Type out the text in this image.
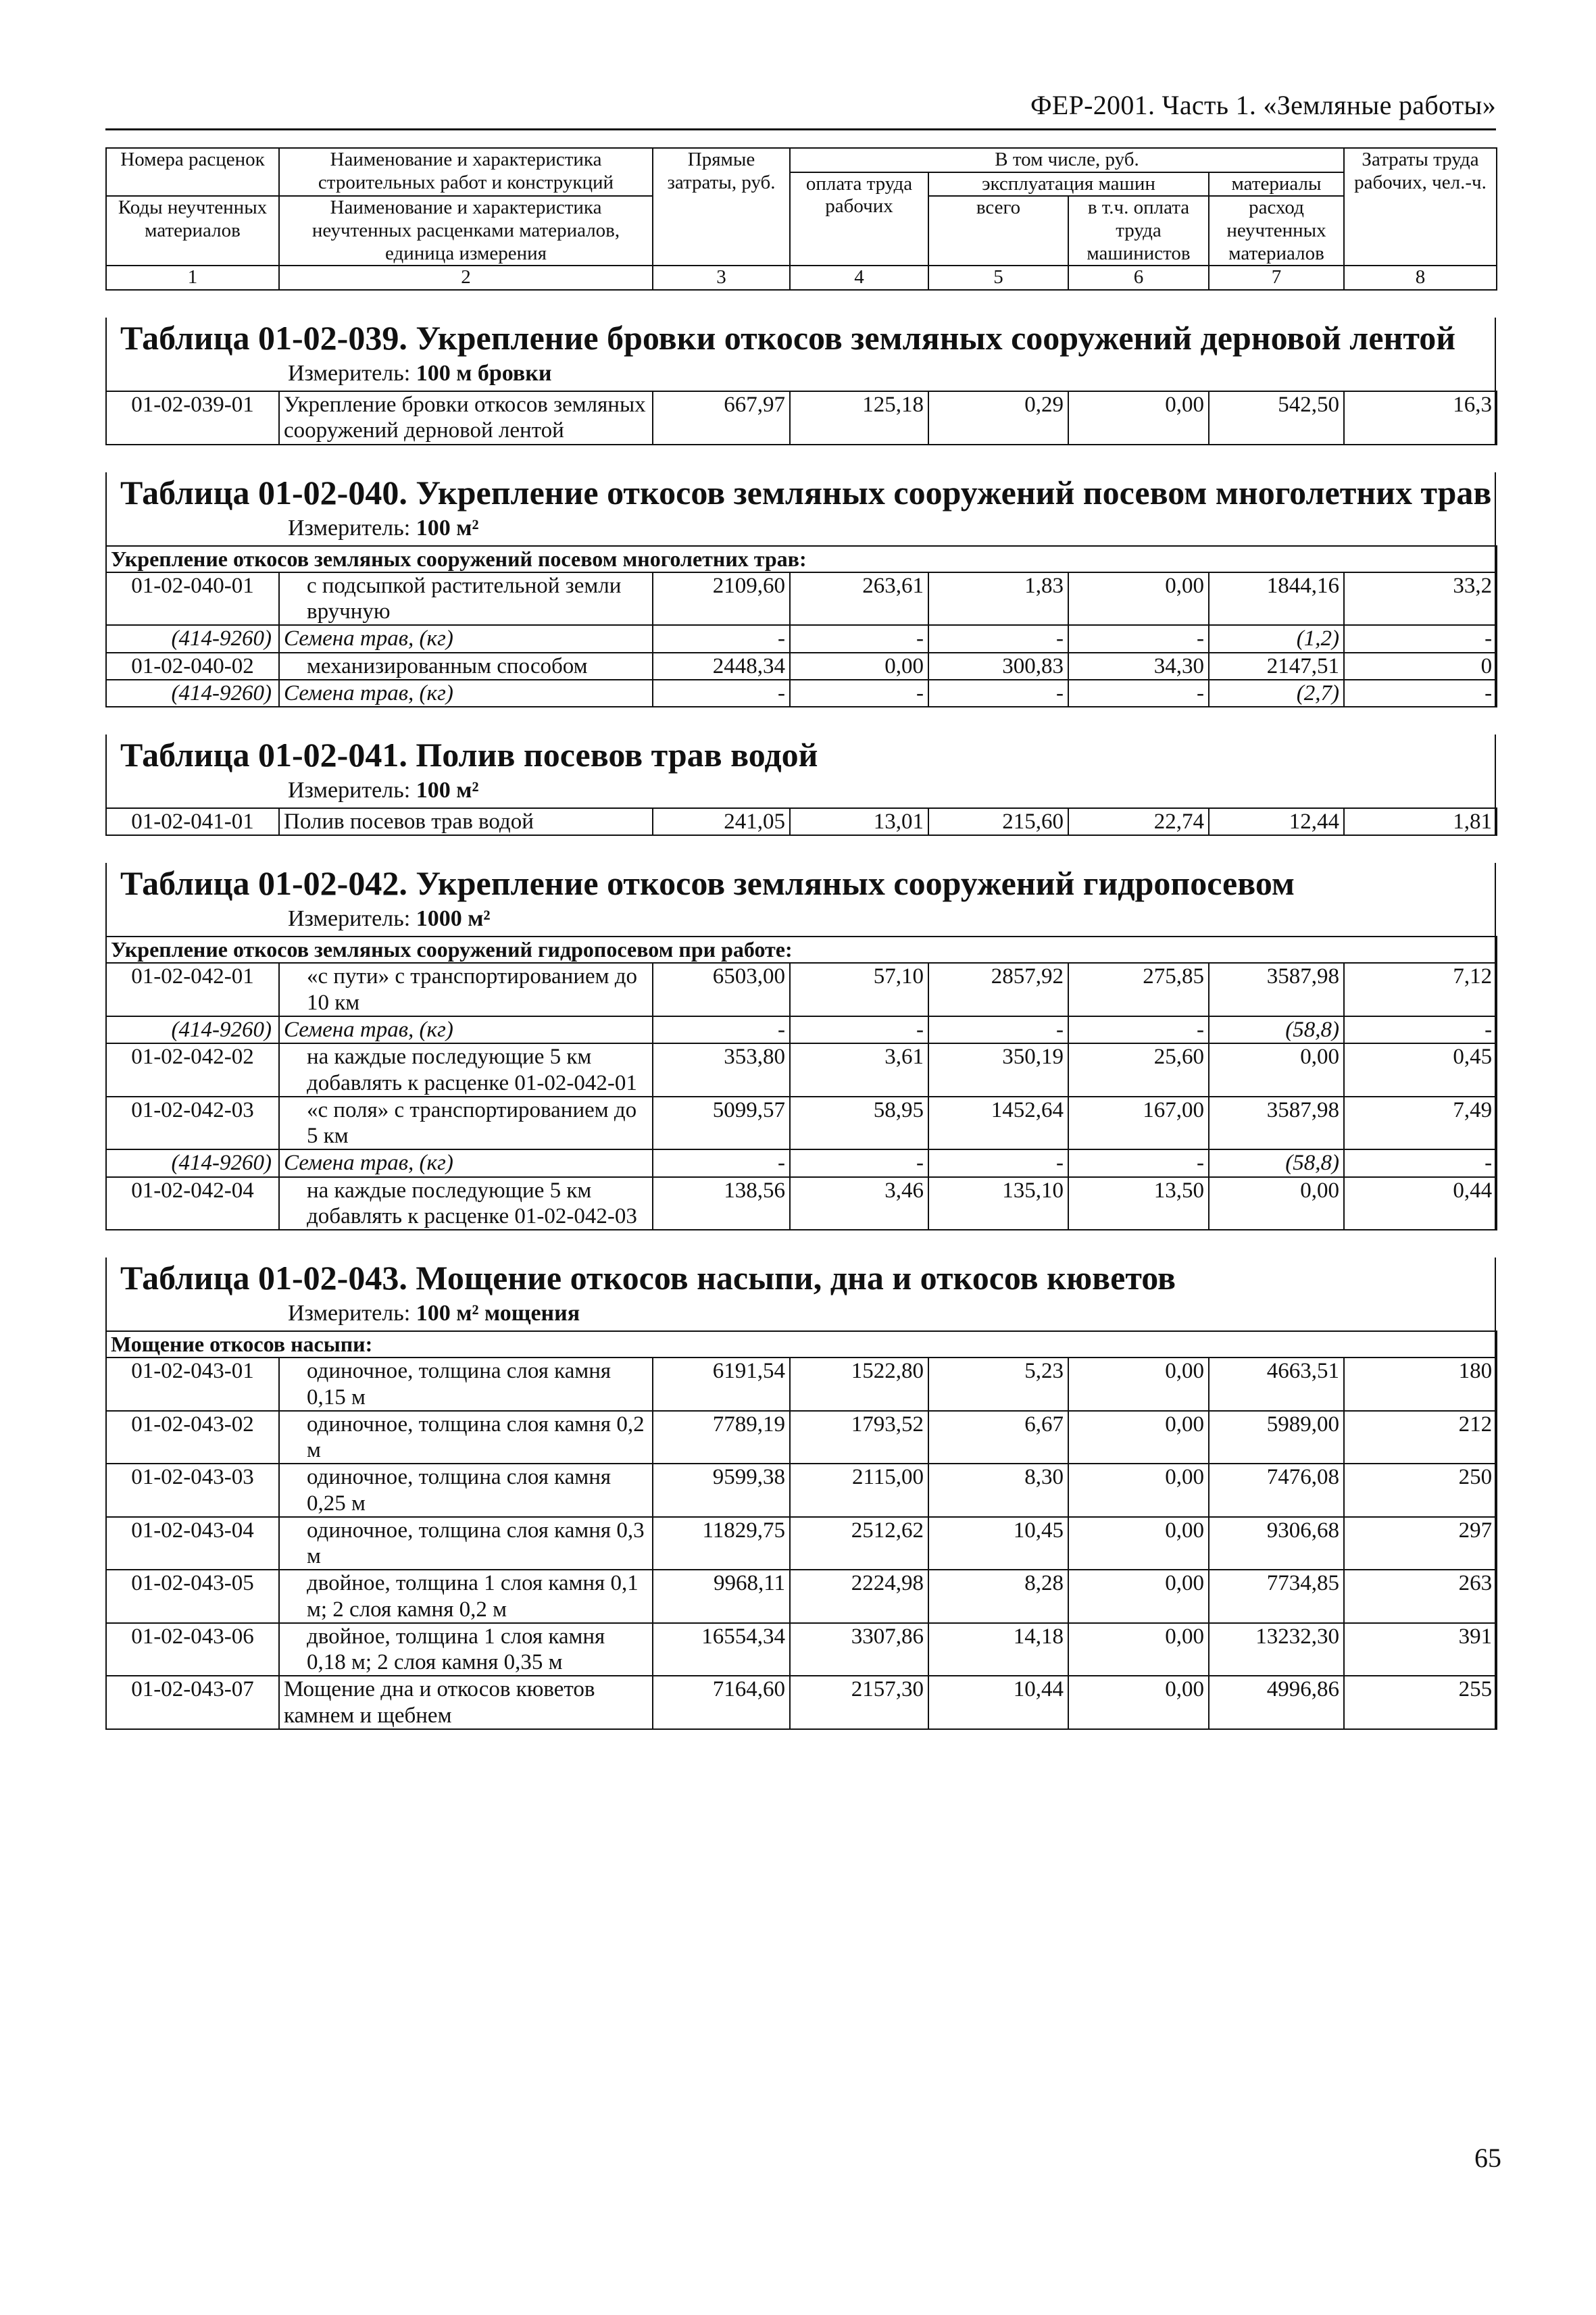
ФЕР-2001. Часть 1. «Земляные работы»
Номера расценок	Наименование и характеристика строительных работ и конструкций	Прямые затраты, руб.	В том числе, руб.				Затраты труда рабочих, чел.-ч.
			оплата труда рабочих	эксплуатация машин		материалы	
Коды неучтенных материалов	Наименование и характеристика неучтенных расценками материалов, единица измерения			всего	в т.ч. оплата труда машинистов	расход неучтенных материалов	

1	2	3	4	5	6	7	8
Таблица 01-02-039. Укрепление бровки откосов земляных сооружений дерновой лентой
Измеритель: 100 м бровки
01-02-039-01	Укрепление бровки откосов земляных сооружений дерновой лентой	667,97	125,18	0,29	0,00	542,50	16,3
Таблица 01-02-040. Укрепление откосов земляных сооружений посевом многолетних трав
Измеритель: 100 м²
Укрепление откосов земляных сооружений посевом многолетних трав:							
01-02-040-01	с подсыпкой растительной земли вручную	2109,60	263,61	1,83	0,00	1844,16	33,2
(414-9260)	Семена трав, (кг)	-	-	-	-	(1,2)	-
01-02-040-02	механизированным способом	2448,34	0,00	300,83	34,30	2147,51	0
(414-9260)	Семена трав, (кг)	-	-	-	-	(2,7)	-
Таблица 01-02-041. Полив посевов трав водой
Измеритель: 100 м²
01-02-041-01	Полив посевов трав водой	241,05	13,01	215,60	22,74	12,44	1,81
Таблица 01-02-042. Укрепление откосов земляных сооружений гидропосевом
Измеритель: 1000 м²
Укрепление откосов земляных сооружений гидропосевом при работе:							
01-02-042-01	«с пути» с транспортированием до 10 км	6503,00	57,10	2857,92	275,85	3587,98	7,12
(414-9260)	Семена трав, (кг)	-	-	-	-	(58,8)	-
01-02-042-02	на каждые последующие 5 км добавлять к расценке 01-02-042-01	353,80	3,61	350,19	25,60	0,00	0,45
01-02-042-03	«с поля» с транспортированием до 5 км	5099,57	58,95	1452,64	167,00	3587,98	7,49
(414-9260)	Семена трав, (кг)	-	-	-	-	(58,8)	-
01-02-042-04	на каждые последующие 5 км добавлять к расценке 01-02-042-03	138,56	3,46	135,10	13,50	0,00	0,44
Таблица 01-02-043. Мощение откосов насыпи, дна и откосов кюветов
Измеритель: 100 м² мощения
Мощение откосов насыпи:							
01-02-043-01	одиночное, толщина слоя камня 0,15 м	6191,54	1522,80	5,23	0,00	4663,51	180
01-02-043-02	одиночное, толщина слоя камня 0,2 м	7789,19	1793,52	6,67	0,00	5989,00	212
01-02-043-03	одиночное, толщина слоя камня 0,25 м	9599,38	2115,00	8,30	0,00	7476,08	250
01-02-043-04	одиночное, толщина слоя камня 0,3 м	11829,75	2512,62	10,45	0,00	9306,68	297
01-02-043-05	двойное, толщина 1 слоя камня 0,1 м; 2 слоя камня 0,2 м	9968,11	2224,98	8,28	0,00	7734,85	263
01-02-043-06	двойное, толщина 1 слоя камня 0,18 м; 2 слоя камня 0,35 м	16554,34	3307,86	14,18	0,00	13232,30	391
01-02-043-07	Мощение дна и откосов кюветов камнем и щебнем	7164,60	2157,30	10,44	0,00	4996,86	255
65
